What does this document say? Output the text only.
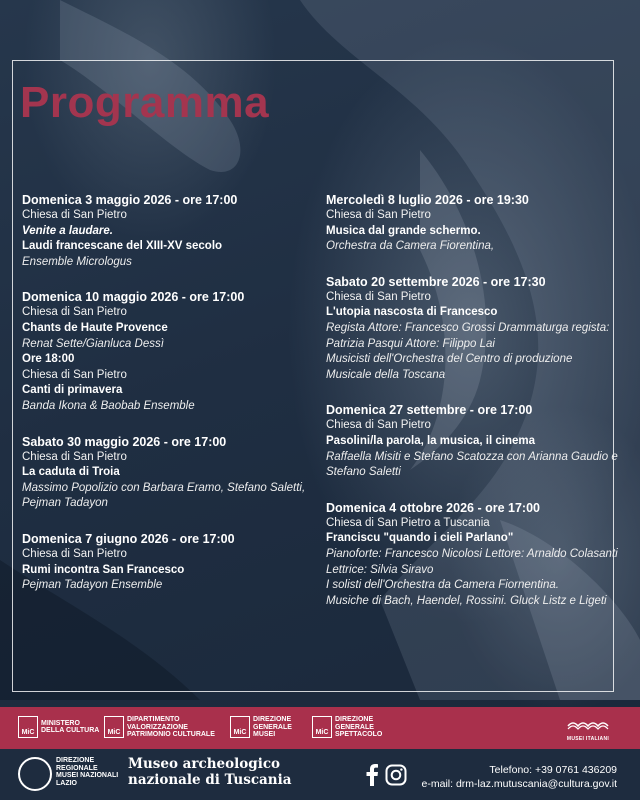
Programma
Domenica 3 maggio 2026 - ore 17:00
Chiesa di San Pietro
Venite a laudare.
Laudi francescane del XIII-XV secolo
Ensemble Micrologus
Domenica 10 maggio 2026 - ore 17:00
Chiesa di San Pietro
Chants de Haute Provence
Renat Sette/Gianluca Dessì
Ore 18:00
Chiesa di San Pietro
Canti di primavera
Banda Ikona & Baobab Ensemble
Sabato 30 maggio 2026 - ore 17:00
Chiesa di San Pietro
La caduta di Troia
Massimo Popolizio con Barbara Eramo, Stefano Saletti, Pejman Tadayon
Domenica 7 giugno 2026 - ore 17:00
Chiesa di San Pietro
Rumi incontra San Francesco
Pejman Tadayon Ensemble
Mercoledì 8 luglio 2026 - ore 19:30
Chiesa di San Pietro
Musica dal grande schermo.
Orchestra da Camera Fiorentina,
Sabato 20 settembre 2026 - ore 17:30
Chiesa di San Pietro
L'utopia nascosta di Francesco
Regista Attore: Francesco Grossi Drammaturga regista: Patrizia Pasqui Attore: Filippo Lai
Musicisti dell'Orchestra del Centro di produzione Musicale della Toscana
Domenica 27 settembre - ore 17:00
Chiesa di San Pietro
Pasolini/la parola, la musica, il cinema
Raffaella Misiti e Stefano Scatozza con Arianna Gaudio e Stefano Saletti
Domenica 4 ottobre 2026 - ore 17:00
Chiesa di San Pietro a Tuscania
Franciscu "quando i cieli Parlano"
Pianoforte: Francesco Nicolosi Lettore: Arnaldo Colasanti Lettrice: Silvia Siravo
I solisti dell'Orchestra da Camera Fiornentina.
Musiche di Bach, Haendel, Rossini. Gluck Listz e Ligeti
MiC
MINISTERO DELLA CULTURA	MiC
DIPARTIMENTO VALORIZZAZIONE PATRIMONIO CULTURALE	MiC
DIREZIONE GENERALE MUSEI	MiC
DIREZIONE GENERALE SPETTACOLO
MUSEI ITALIANI
DIREZIONE REGIONALE MUSEI NAZIONALI LAZIO
Museo archeologico
nazionale di Tuscania
Telefono: +39 0761 436209
e-mail: drm-laz.mutuscania@cultura.gov.it
